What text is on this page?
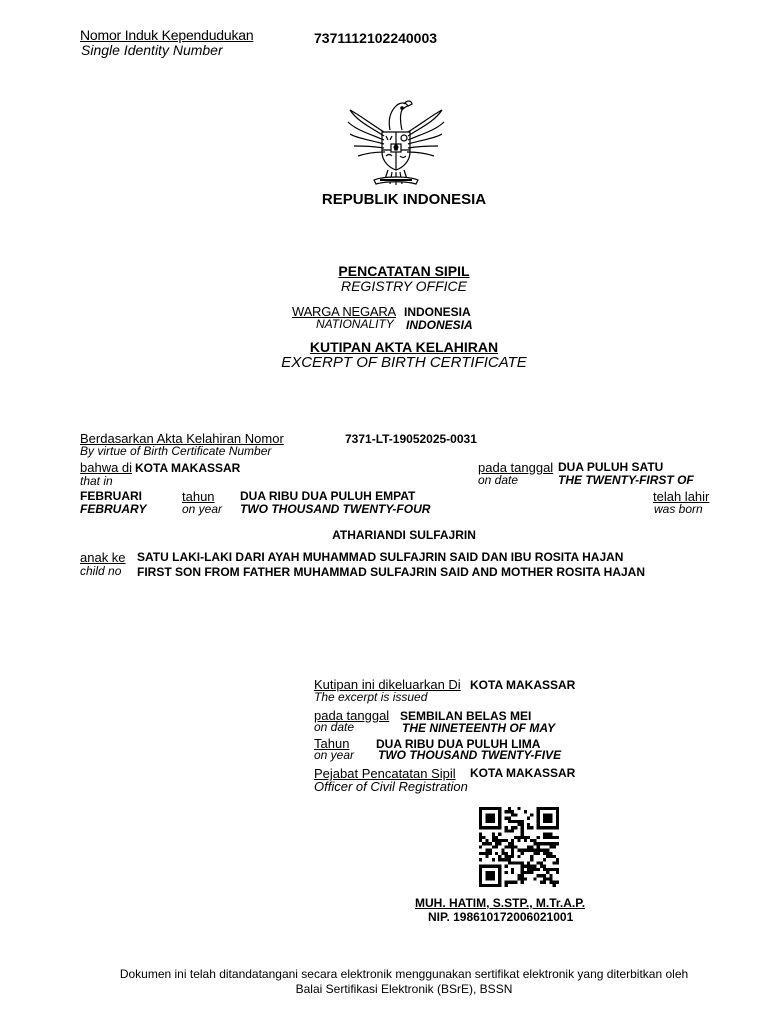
Nomor Induk Kependudukan
Single Identity Number
7371112102240003
REPUBLIK INDONESIA
PENCATATAN SIPIL
REGISTRY OFFICE
WARGA NEGARA INDONESIA
NATIONALITY INDONESIA
KUTIPAN AKTA KELAHIRAN
EXCERPT OF BIRTH CERTIFICATE
Berdasarkan Akta Kelahiran Nomor
By virtue of Birth Certificate Number
7371-LT-19052025-0031
bahwa di KOTA MAKASSAR
that in
pada tanggal DUA PULUH SATU
on date	THE TWENTY-FIRST OF
FEBRUARI
FEBRUARY
tahun
on year
DUA RIBU DUA PULUH EMPAT
TWO THOUSAND TWENTY-FOUR
telah lahir
was born
ATHARIANDI SULFAJRIN
anak ke
child no
SATU LAKI-LAKI DARI AYAH MUHAMMAD SULFAJRIN SAID DAN IBU ROSITA HAJAN
FIRST SON FROM FATHER MUHAMMAD SULFAJRIN SAID AND MOTHER ROSITA HAJAN
Kutipan ini dikeluarkan Di KOTA MAKASSAR
The excerpt is issued
pada tanggal SEMBILAN BELAS MEI
on date	THE NINETEENTH OF MAY
Tahun DUA RIBU DUA PULUH LIMA
on year TWO THOUSAND TWENTY-FIVE
Pejabat Pencatatan Sipil KOTA MAKASSAR
Officer of Civil Registration
MUH. HATIM, S.STP., M.Tr.A.P.
NIP. 198610172006021001
Dokumen ini telah ditandatangani secara elektronik menggunakan sertifikat elektronik yang diterbitkan oleh
Balai Sertifikasi Elektronik (BSrE), BSSN
